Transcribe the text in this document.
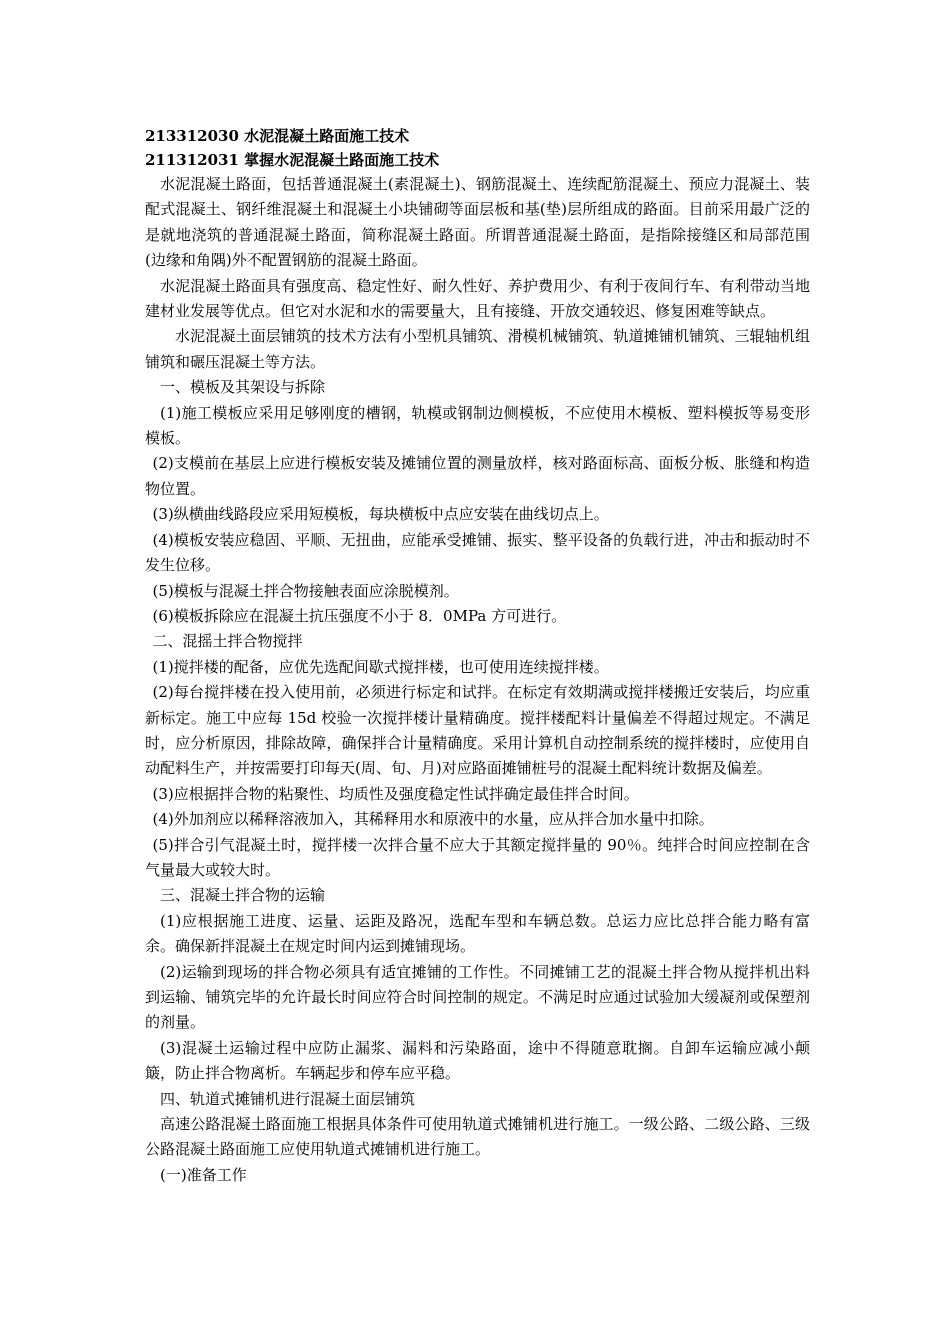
213312030 水泥混凝土路面施工技术

211312031 掌握水泥混凝土路面施工技术

水泥混凝土路面，包括普通混凝土(素混凝土)、钢筋混凝土、连续配筋混凝土、预应力混凝土、装配式混凝土、钢纤维混凝土和混凝土小块铺砌等面层板和基(垫)层所组成的路面。目前采用最广泛的是就地浇筑的普通混凝土路面，简称混凝土路面。所谓普通混凝土路面，是指除接缝区和局部范围(边缘和角隅)外不配置钢筋的混凝土路面。

水泥混凝土路面具有强度高、稳定性好、耐久性好、养护费用少、有利于夜间行车、有利带动当地建材业发展等优点。但它对水泥和水的需要量大，且有接缝、开放交通较迟、修复困难等缺点。

水泥混凝土面层铺筑的技术方法有小型机具铺筑、滑模机械铺筑、轨道摊铺机铺筑、三辊轴机组铺筑和碾压混凝土等方法。

一、模板及其架设与拆除

(1)施工模板应采用足够刚度的槽钢，轨模或钢制边侧模板，不应使用木模板、塑料模扳等易变形模板。

(2)支模前在基层上应进行模板安装及摊铺位置的测量放样，核对路面标高、面板分板、胀缝和构造物位置。

(3)纵横曲线路段应采用短模板，每块横板中点应安装在曲线切点上。

(4)模板安装应稳固、平顺、无扭曲，应能承受摊铺、振实、整平设备的负载行进，冲击和振动时不发生位移。

(5)模板与混凝土拌合物接触表面应涂脱模剂。

(6)模板拆除应在混凝土抗压强度不小于 8．0MPa 方可进行。

二、混摇土拌合物搅拌

(1)搅拌楼的配备，应优先选配间歇式搅拌楼，也可使用连续搅拌楼。

(2)每台搅拌楼在投入使用前，必须进行标定和试拌。在标定有效期满或搅拌楼搬迁安装后，均应重新标定。施工中应每 15d 校验一次搅拌楼计量精确度。搅拌楼配料计量偏差不得超过规定。不满足时，应分析原因，排除故障，确保拌合计量精确度。采用计算机自动控制系统的搅拌楼时，应使用自动配料生产，并按需要打印每天(周、旬、月)对应路面摊铺桩号的混凝土配料统计数据及偏差。

(3)应根据拌合物的粘聚性、均质性及强度稳定性试拌确定最佳拌合时间。

(4)外加剂应以稀释溶液加入，其稀释用水和原液中的水量，应从拌合加水量中扣除。

(5)拌合引气混凝土时，搅拌楼一次拌合量不应大于其额定搅拌量的 90％。纯拌合时间应控制在含气量最大或较大时。

三、混凝土拌合物的运输

(1)应根据施工进度、运量、运距及路况，选配车型和车辆总数。总运力应比总拌合能力略有富余。确保新拌混凝土在规定时间内运到摊铺现场。

(2)运输到现场的拌合物必须具有适宜摊铺的工作性。不同摊铺工艺的混凝土拌合物从搅拌机出料到运输、铺筑完毕的允许最长时间应符合时间控制的规定。不满足时应通过试验加大缓凝剂或保塑剂的剂量。

(3)混凝土运输过程中应防止漏浆、漏料和污染路面，途中不得随意耽搁。自卸车运输应减小颠簸，防止拌合物离析。车辆起步和停车应平稳。

四、轨道式摊铺机进行混凝土面层铺筑

高速公路混凝土路面施工根据具体条件可使用轨道式摊铺机进行施工。一级公路、二级公路、三级公路混凝土路面施工应使用轨道式摊铺机进行施工。

(一)准备工作
